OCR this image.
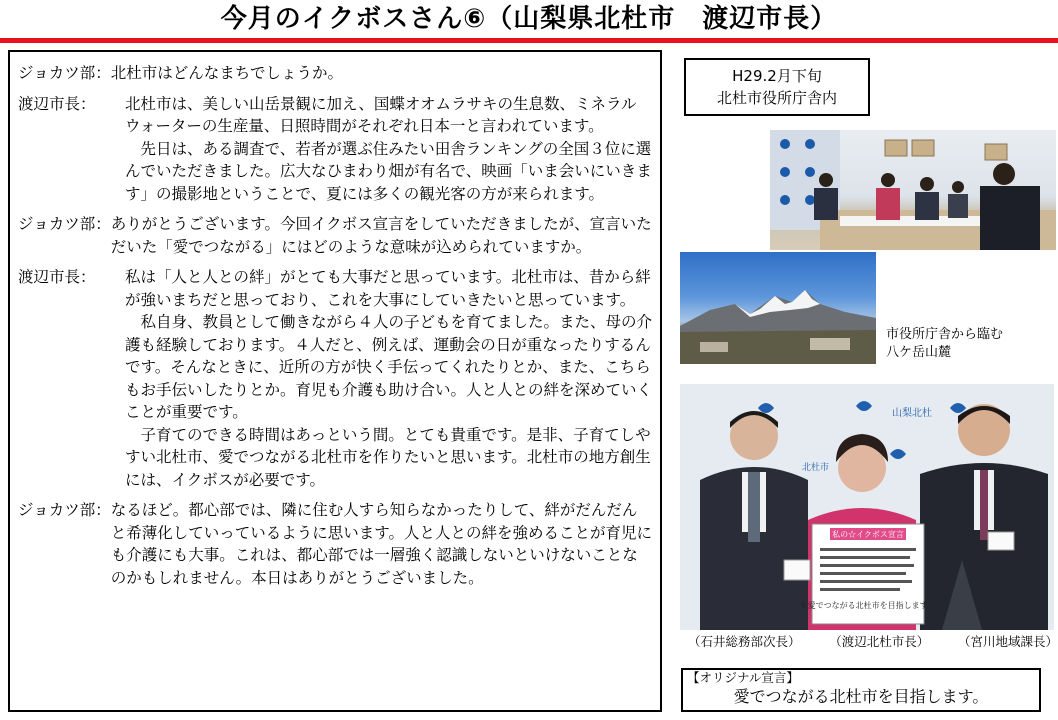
今月のイクボスさん⑥（山梨県北杜市　渡辺市長）
ジョカツ部： 北杜市はどんなまちでしょうか。

渡辺市長：	北杜市は、美しい山岳景観に加え、国蝶オオムラサキの生息数、ミネラルウォーターの生産量、日照時間がそれぞれ日本一と言われています。

先日は、ある調査で、若者が選ぶ住みたい田舎ランキングの全国３位に選んでいただきました。広大なひまわり畑が有名で、映画「いま会いにいきます」の撮影地ということで、夏には多くの観光客の方が来られます。

ジョカツ部： ありがとうございます。今回イクボス宣言をしていただきましたが、宣言いただいた「愛でつながる」にはどのような意味が込められていますか。

渡辺市長：	私は「人と人との絆」がとても大事だと思っています。北杜市は、昔から絆が強いまちだと思っており、これを大事にしていきたいと思っています。

私自身、教員として働きながら４人の子どもを育てました。また、母の介護も経験しております。４人だと、例えば、運動会の日が重なったりするんです。そんなときに、近所の方が快く手伝ってくれたりとか、また、こちらもお手伝いしたりとか。育児も介護も助け合い。人と人との絆を深めていくことが重要です。

子育てのできる時間はあっという間。とても貴重です。是非、子育てしやすい北杜市、愛でつながる北杜市を作りたいと思います。北杜市の地方創生には、イクボスが必要です。

ジョカツ部： なるほど。都心部では、隣に住む人すら知らなかったりして、絆がだんだんと希薄化していっているように思います。人と人との絆を強めることが育児にも介護にも大事。これは、都心部では一層強く認識しないといけないことなのかもしれません。本日はありがとうございました。

H29.2月下旬
北杜市役所庁舎内
市役所庁舎から臨む
八ケ岳山麓
山梨北杜
北杜市
私の☆イクボス宣言
6 愛でつながる北杜市を目指します。
（石井総務部次長） （渡辺北杜市長） （宮川地域課長）
【オリジナル宣言】
愛でつながる北杜市を目指します。
